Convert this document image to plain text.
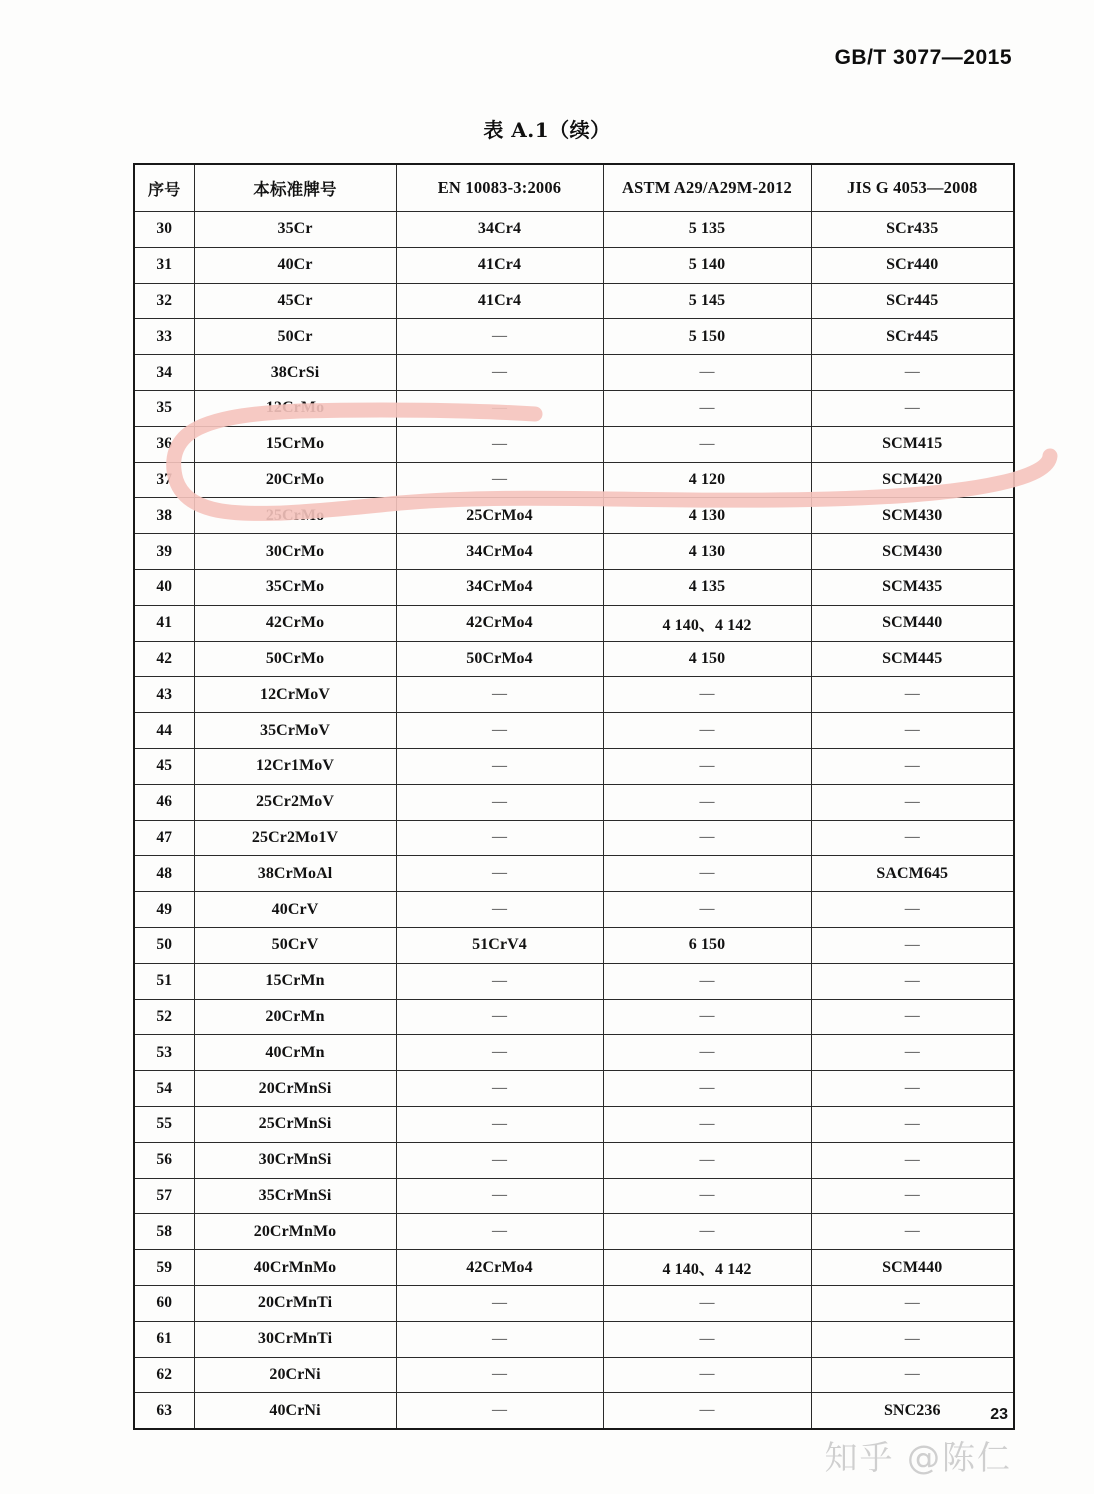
GB/T 3077—2015
表 A.1（续）
序号	本标准牌号	EN 10083-3:2006	ASTM A29/A29M-2012	JIS G 4053—2008
30	35Cr	34Cr4	5 135	SCr435
31	40Cr	41Cr4	5 140	SCr440
32	45Cr	41Cr4	5 145	SCr445
33	50Cr	—	5 150	SCr445
34	38CrSi	—	—	—
35	12CrMo	—	—	—
36	15CrMo	—	—	SCM415
37	20CrMo	—	4 120	SCM420
38	25CrMo	25CrMo4	4 130	SCM430
39	30CrMo	34CrMo4	4 130	SCM430
40	35CrMo	34CrMo4	4 135	SCM435
41	42CrMo	42CrMo4	4 140、4 142	SCM440
42	50CrMo	50CrMo4	4 150	SCM445
43	12CrMoV	—	—	—
44	35CrMoV	—	—	—
45	12Cr1MoV	—	—	—
46	25Cr2MoV	—	—	—
47	25Cr2Mo1V	—	—	—
48	38CrMoAl	—	—	SACM645
49	40CrV	—	—	—
50	50CrV	51CrV4	6 150	—
51	15CrMn	—	—	—
52	20CrMn	—	—	—
53	40CrMn	—	—	—
54	20CrMnSi	—	—	—
55	25CrMnSi	—	—	—
56	30CrMnSi	—	—	—
57	35CrMnSi	—	—	—
58	20CrMnMo	—	—	—
59	40CrMnMo	42CrMo4	4 140、4 142	SCM440
60	20CrMnTi	—	—	—
61	30CrMnTi	—	—	—
62	20CrNi	—	—	—
63	40CrNi	—	—	SNC236	23
知乎 @陈仁
